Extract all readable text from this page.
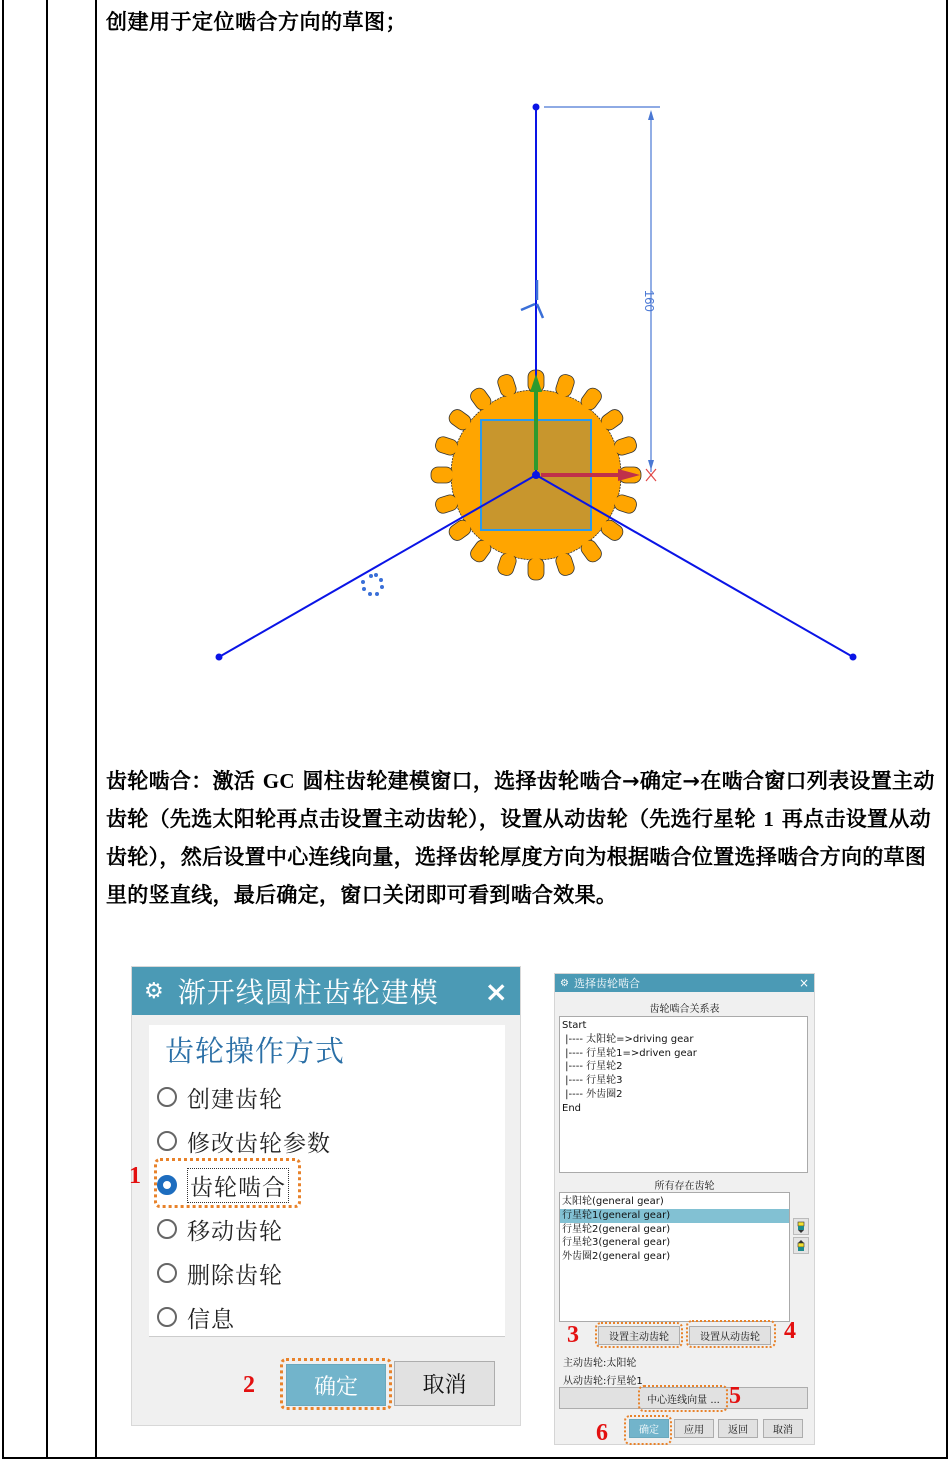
创建用于定位啮合方向的草图；
160
齿轮啮合：激活 GC 圆柱齿轮建模窗口，选择齿轮啮合→确定→在啮合窗口列表设置主动齿轮（先选太阳轮再点击设置主动齿轮），设置从动齿轮（先选行星轮 1 再点击设置从动齿轮），然后设置中心连线向量，选择齿轮厚度方向为根据啮合位置选择啮合方向的草图里的竖直线，最后确定，窗口关闭即可看到啮合效果。
⚙ 渐开线圆柱齿轮建模	×
齿轮操作方式
创建齿轮
修改齿轮参数
齿轮啮合
移动齿轮
删除齿轮
信息
确定	取消
1
2
⚙ 选择齿轮啮合	×
齿轮啮合关系表
Start
|---- 太阳轮=>driving gear
|---- 行星轮1=>driven gear
|---- 行星轮2
|---- 行星轮3
|---- 外齿圈2
End
所有存在齿轮
太阳轮(general gear)
行星轮1(general gear)
行星轮2(general gear)
行星轮3(general gear)
外齿圈2(general gear)
设置主动齿轮	设置从动齿轮
主动齿轮:太阳轮
从动齿轮:行星轮1
中心连线向量 ...
确定	应用	返回	取消
3	4
5
6
